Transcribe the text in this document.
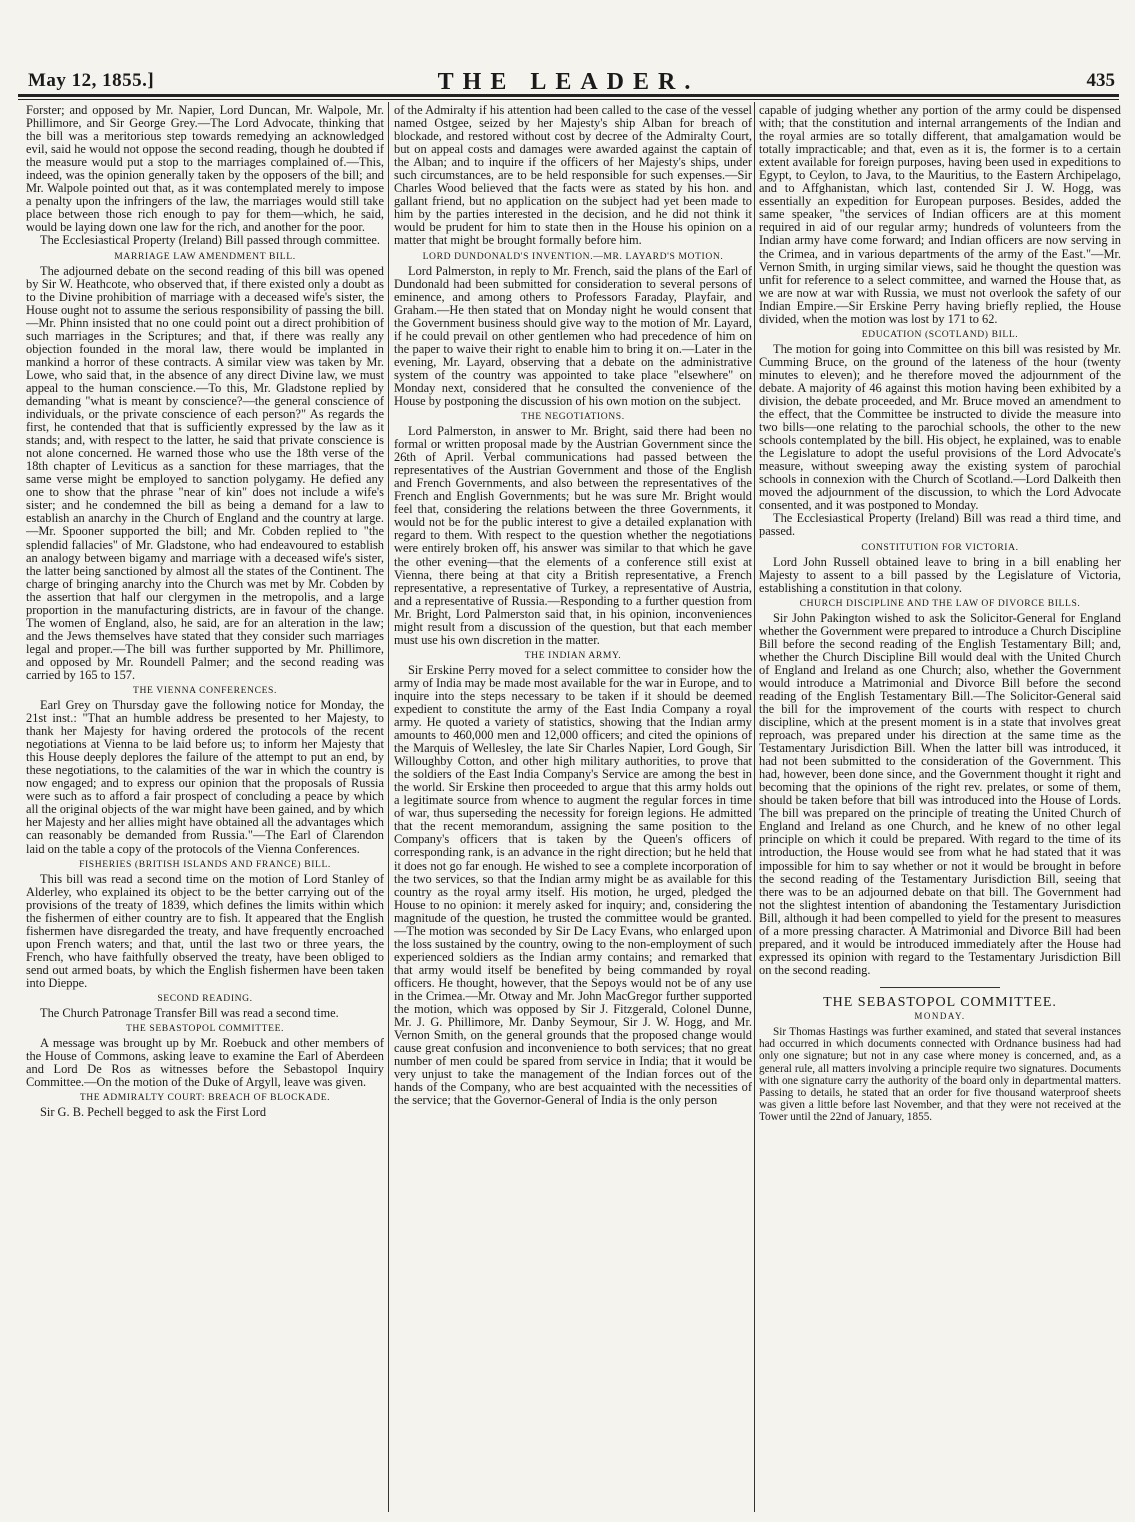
May 12, 1855.]	THE LEADER.	435

Forster; and opposed by Mr. Napier, Lord Duncan, Mr. Walpole, Mr. Phillimore, and Sir George Grey.—The Lord Advocate, thinking that the bill was a meritorious step towards remedying an acknowledged evil, said he would not oppose the second reading, though he doubted if the measure would put a stop to the marriages complained of.—This, indeed, was the opinion generally taken by the opposers of the bill; and Mr. Walpole pointed out that, as it was contemplated merely to impose a penalty upon the infringers of the law, the marriages would still take place between those rich enough to pay for them—which, he said, would be laying down one law for the rich, and another for the poor.

The Ecclesiastical Property (Ireland) Bill passed through committee.

MARRIAGE LAW AMENDMENT BILL.

The adjourned debate on the second reading of this bill was opened by Sir W. Heathcote, who observed that, if there existed only a doubt as to the Divine prohibition of marriage with a deceased wife's sister, the House ought not to assume the serious responsibility of passing the bill.—Mr. Phinn insisted that no one could point out a direct prohibition of such marriages in the Scriptures; and that, if there was really any objection founded in the moral law, there would be implanted in mankind a horror of these contracts. A similar view was taken by Mr. Lowe, who said that, in the absence of any direct Divine law, we must appeal to the human conscience.—To this, Mr. Gladstone replied by demanding "what is meant by conscience?—the general conscience of individuals, or the private conscience of each person?" As regards the first, he contended that that is sufficiently expressed by the law as it stands; and, with respect to the latter, he said that private conscience is not alone concerned. He warned those who use the 18th verse of the 18th chapter of Leviticus as a sanction for these marriages, that the same verse might be employed to sanction polygamy. He defied any one to show that the phrase "near of kin" does not include a wife's sister; and he condemned the bill as being a demand for a law to establish an anarchy in the Church of England and the country at large.—Mr. Spooner supported the bill; and Mr. Cobden replied to "the splendid fallacies" of Mr. Gladstone, who had endeavoured to establish an analogy between bigamy and marriage with a deceased wife's sister, the latter being sanctioned by almost all the states of the Continent. The charge of bringing anarchy into the Church was met by Mr. Cobden by the assertion that half our clergymen in the metropolis, and a large proportion in the manufacturing districts, are in favour of the change. The women of England, also, he said, are for an alteration in the law; and the Jews themselves have stated that they consider such marriages legal and proper.—The bill was further supported by Mr. Phillimore, and opposed by Mr. Roundell Palmer; and the second reading was carried by 165 to 157.

THE VIENNA CONFERENCES.

Earl Grey on Thursday gave the following notice for Monday, the 21st inst.: "That an humble address be presented to her Majesty, to thank her Majesty for having ordered the protocols of the recent negotiations at Vienna to be laid before us; to inform her Majesty that this House deeply deplores the failure of the attempt to put an end, by these negotiations, to the calamities of the war in which the country is now engaged; and to express our opinion that the proposals of Russia were such as to afford a fair prospect of concluding a peace by which all the original objects of the war might have been gained, and by which her Majesty and her allies might have obtained all the advantages which can reasonably be demanded from Russia."—The Earl of Clarendon laid on the table a copy of the protocols of the Vienna Conferences.

FISHERIES (BRITISH ISLANDS AND FRANCE) BILL.

This bill was read a second time on the motion of Lord Stanley of Alderley, who explained its object to be the better carrying out of the provisions of the treaty of 1839, which defines the limits within which the fishermen of either country are to fish. It appeared that the English fishermen have disregarded the treaty, and have frequently encroached upon French waters; and that, until the last two or three years, the French, who have faithfully observed the treaty, have been obliged to send out armed boats, by which the English fishermen have been taken into Dieppe.

SECOND READING.

The Church Patronage Transfer Bill was read a second time.

THE SEBASTOPOL COMMITTEE.

A message was brought up by Mr. Roebuck and other members of the House of Commons, asking leave to examine the Earl of Aberdeen and Lord De Ros as witnesses before the Sebastopol Inquiry Committee.—On the motion of the Duke of Argyll, leave was given.

THE ADMIRALTY COURT: BREACH OF BLOCKADE.

Sir G. B. Pechell begged to ask the First Lord

of the Admiralty if his attention had been called to the case of the vessel named Ostgee, seized by her Majesty's ship Alban for breach of blockade, and restored without cost by decree of the Admiralty Court, but on appeal costs and damages were awarded against the captain of the Alban; and to inquire if the officers of her Majesty's ships, under such circumstances, are to be held responsible for such expenses.—Sir Charles Wood believed that the facts were as stated by his hon. and gallant friend, but no application on the subject had yet been made to him by the parties interested in the decision, and he did not think it would be prudent for him to state then in the House his opinion on a matter that might be brought formally before him.

LORD DUNDONALD'S INVENTION.—MR. LAYARD'S MOTION.

Lord Palmerston, in reply to Mr. French, said the plans of the Earl of Dundonald had been submitted for consideration to several persons of eminence, and among others to Professors Faraday, Playfair, and Graham.—He then stated that on Monday night he would consent that the Government business should give way to the motion of Mr. Layard, if he could prevail on other gentlemen who had precedence of him on the paper to waive their right to enable him to bring it on.—Later in the evening, Mr. Layard, observing that a debate on the administrative system of the country was appointed to take place "elsewhere" on Monday next, considered that he consulted the convenience of the House by postponing the discussion of his own motion on the subject.

THE NEGOTIATIONS.

Lord Palmerston, in answer to Mr. Bright, said there had been no formal or written proposal made by the Austrian Government since the 26th of April. Verbal communications had passed between the representatives of the Austrian Government and those of the English and French Governments, and also between the representatives of the French and English Governments; but he was sure Mr. Bright would feel that, considering the relations between the three Governments, it would not be for the public interest to give a detailed explanation with regard to them. With respect to the question whether the negotiations were entirely broken off, his answer was similar to that which he gave the other evening—that the elements of a conference still exist at Vienna, there being at that city a British representative, a French representative, a representative of Turkey, a representative of Austria, and a representative of Russia.—Responding to a further question from Mr. Bright, Lord Palmerston said that, in his opinion, inconveniences might result from a discussion of the question, but that each member must use his own discretion in the matter.

THE INDIAN ARMY.

Sir Erskine Perry moved for a select committee to consider how the army of India may be made most available for the war in Europe, and to inquire into the steps necessary to be taken if it should be deemed expedient to constitute the army of the East India Company a royal army. He quoted a variety of statistics, showing that the Indian army amounts to 460,000 men and 12,000 officers; and cited the opinions of the Marquis of Wellesley, the late Sir Charles Napier, Lord Gough, Sir Willoughby Cotton, and other high military authorities, to prove that the soldiers of the East India Company's Service are among the best in the world. Sir Erskine then proceeded to argue that this army holds out a legitimate source from whence to augment the regular forces in time of war, thus superseding the necessity for foreign legions. He admitted that the recent memorandum, assigning the same position to the Company's officers that is taken by the Queen's officers of corresponding rank, is an advance in the right direction; but he held that it does not go far enough. He wished to see a complete incorporation of the two services, so that the Indian army might be as available for this country as the royal army itself. His motion, he urged, pledged the House to no opinion: it merely asked for inquiry; and, considering the magnitude of the question, he trusted the committee would be granted.—The motion was seconded by Sir De Lacy Evans, who enlarged upon the loss sustained by the country, owing to the non-employment of such experienced soldiers as the Indian army contains; and remarked that that army would itself be benefited by being commanded by royal officers. He thought, however, that the Sepoys would not be of any use in the Crimea.—Mr. Otway and Mr. John MacGregor further supported the motion, which was opposed by Sir J. Fitzgerald, Colonel Dunne, Mr. J. G. Phillimore, Mr. Danby Seymour, Sir J. W. Hogg, and Mr. Vernon Smith, on the general grounds that the proposed change would cause great confusion and inconvenience to both services; that no great number of men could be spared from service in India; that it would be very unjust to take the management of the Indian forces out of the hands of the Company, who are best acquainted with the necessities of the service; that the Governor-General of India is the only person

capable of judging whether any portion of the army could be dispensed with; that the constitution and internal arrangements of the Indian and the royal armies are so totally different, that amalgamation would be totally impracticable; and that, even as it is, the former is to a certain extent available for foreign purposes, having been used in expeditions to Egypt, to Ceylon, to Java, to the Mauritius, to the Eastern Archipelago, and to Affghanistan, which last, contended Sir J. W. Hogg, was essentially an expedition for European purposes. Besides, added the same speaker, "the services of Indian officers are at this moment required in aid of our regular army; hundreds of volunteers from the Indian army have come forward; and Indian officers are now serving in the Crimea, and in various departments of the army of the East."—Mr. Vernon Smith, in urging similar views, said he thought the question was unfit for reference to a select committee, and warned the House that, as we are now at war with Russia, we must not overlook the safety of our Indian Empire.—Sir Erskine Perry having briefly replied, the House divided, when the motion was lost by 171 to 62.

EDUCATION (SCOTLAND) BILL.

The motion for going into Committee on this bill was resisted by Mr. Cumming Bruce, on the ground of the lateness of the hour (twenty minutes to eleven); and he therefore moved the adjournment of the debate. A majority of 46 against this motion having been exhibited by a division, the debate proceeded, and Mr. Bruce moved an amendment to the effect, that the Committee be instructed to divide the measure into two bills—one relating to the parochial schools, the other to the new schools contemplated by the bill. His object, he explained, was to enable the Legislature to adopt the useful provisions of the Lord Advocate's measure, without sweeping away the existing system of parochial schools in connexion with the Church of Scotland.—Lord Dalkeith then moved the adjournment of the discussion, to which the Lord Advocate consented, and it was postponed to Monday.

The Ecclesiastical Property (Ireland) Bill was read a third time, and passed.

CONSTITUTION FOR VICTORIA.

Lord John Russell obtained leave to bring in a bill enabling her Majesty to assent to a bill passed by the Legislature of Victoria, establishing a constitution in that colony.

CHURCH DISCIPLINE AND THE LAW OF DIVORCE BILLS.

Sir John Pakington wished to ask the Solicitor-General for England whether the Government were prepared to introduce a Church Discipline Bill before the second reading of the English Testamentary Bill; and, whether the Church Discipline Bill would deal with the United Church of England and Ireland as one Church; also, whether the Government would introduce a Matrimonial and Divorce Bill before the second reading of the English Testamentary Bill.—The Solicitor-General said the bill for the improvement of the courts with respect to church discipline, which at the present moment is in a state that involves great reproach, was prepared under his direction at the same time as the Testamentary Jurisdiction Bill. When the latter bill was introduced, it had not been submitted to the consideration of the Government. This had, however, been done since, and the Government thought it right and becoming that the opinions of the right rev. prelates, or some of them, should be taken before that bill was introduced into the House of Lords. The bill was prepared on the principle of treating the United Church of England and Ireland as one Church, and he knew of no other legal principle on which it could be prepared. With regard to the time of its introduction, the House would see from what he had stated that it was impossible for him to say whether or not it would be brought in before the second reading of the Testamentary Jurisdiction Bill, seeing that there was to be an adjourned debate on that bill. The Government had not the slightest intention of abandoning the Testamentary Jurisdiction Bill, although it had been compelled to yield for the present to measures of a more pressing character. A Matrimonial and Divorce Bill had been prepared, and it would be introduced immediately after the House had expressed its opinion with regard to the Testamentary Jurisdiction Bill on the second reading.

THE SEBASTOPOL COMMITTEE.
MONDAY.

Sir Thomas Hastings was further examined, and stated that several instances had occurred in which documents connected with Ordnance business had had only one signature; but not in any case where money is concerned, and, as a general rule, all matters involving a principle require two signatures. Documents with one signature carry the authority of the board only in departmental matters. Passing to details, he stated that an order for five thousand waterproof sheets was given a little before last November, and that they were not received at the Tower until the 22nd of January, 1855.
